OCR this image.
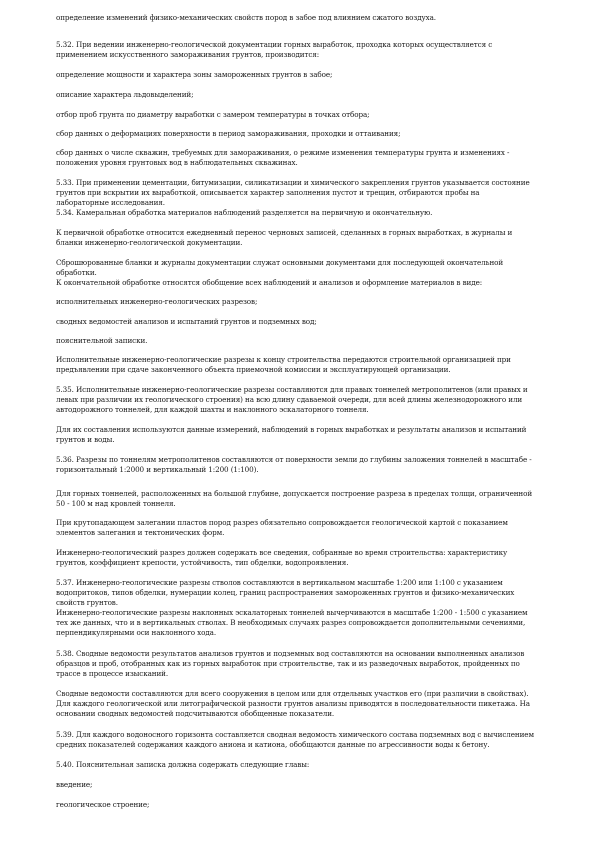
определение изменений физико-механических свойств пород в забое под влиянием сжатого воздуха.

5.32. При ведении инженерно-геологической документации горных выработок, проходка которых осуществляется с применением искусственного замораживания грунтов, производится:

определение мощности и характера зоны замороженных грунтов в забое;

описание характера льдовыделений;

отбор проб грунта по диаметру выработки с замером температуры в точках отбора;

сбор данных о деформациях поверхности в период замораживания, проходки и оттаивания;

сбор данных о числе скважин, требуемых для замораживания, о режиме изменения температуры грунта и изменениях - положения уровня грунтовых вод в наблюдательных скважинах.

5.33. При применении цементации, битумизации, силикатизации и химического закрепления грунтов указывается состояние грунтов при вскрытии их выработкой, описывается характер заполнения пустот и трещин, отбираются пробы на лабораторные исследования.

5.34. Камеральная обработка материалов наблюдений разделяется на первичную и окончательную.

К первичной обработке относится ежедневный перенос черновых записей, сделанных в горных выработках, в журналы и бланки инженерно-геологической документации.

Сброшюрованные бланки и журналы документации служат основными документами для последующей окончательной обработки.

К окончательной обработке относятся обобщение всех наблюдений и анализов и оформление материалов в виде:

исполнительных инженерно-геологических разрезов;

сводных ведомостей анализов и испытаний грунтов и подземных вод;

пояснительной записки.

Исполнительные инженерно-геологические разрезы к концу строительства передаются строительной организацией при предъявлении при сдаче законченного объекта приемочной комиссии и эксплуатирующей организации.

5.35. Исполнительные инженерно-геологические разрезы составляются для правых тоннелей метрополитенов (или правых и левых при различии их геологического строения) на всю длину сдаваемой очереди, для всей длины железнодорожного или автодорожного тоннелей, для каждой шахты и наклонного эскалаторного тоннеля.

Для их составления используются данные измерений, наблюдений в горных выработках и результаты анализов и испытаний грунтов и воды.

5.36. Разрезы по тоннелям метрополитенов составляются от поверхности земли до глубины заложения тоннелей в масштабе - горизонтальный 1:2000 и вертикальный 1:200 (1:100).

Для горных тоннелей, расположенных на большой глубине, допускается построение разреза в пределах толщи, ограниченной 50 - 100 м над кровлей тоннеля.

При крутопадающем залегании пластов пород разрез обязательно сопровождается геологической картой с показанием элементов залегания и тектонических форм.

Инженерно-геологический разрез должен содержать все сведения, собранные во время строительства: характеристику грунтов, коэффициент крепости, устойчивость, тип обделки, водопроявления.

5.37. Инженерно-геологические разрезы стволов составляются в вертикальном масштабе 1:200 или 1:100 с указанием водопритоков, типов обделки, нумерации колец, границ распространения замороженных грунтов и физико-механических свойств грунтов.

Инженерно-геологические разрезы наклонных эскалаторных тоннелей вычерчиваются в масштабе 1:200 - 1:500 с указанием тех же данных, что и в вертикальных стволах. В необходимых случаях разрез сопровождается дополнительными сечениями, перпендикулярными оси наклонного хода.

5.38. Сводные ведомости результатов анализов грунтов и подземных вод составляются на основании выполненных анализов образцов и проб, отобранных как из горных выработок при строительстве, так и из разведочных выработок, пройденных по трассе в процессе изысканий.

Сводные ведомости составляются для всего сооружения в целом или для отдельных участков его (при различии в свойствах). Для каждого геологической или литографической разности грунтов анализы приводятся в последовательности пикетажа. На основании сводных ведомостей подсчитываются обобщенные показатели.

5.39. Для каждого водоносного горизонта составляется сводная ведомость химического состава подземных вод с вычислением средних показателей содержания каждого аниона и катиона, обобщаются данные по агрессивности воды к бетону.

5.40. Пояснительная записка должна содержать следующие главы:

введение;

геологическое строение;
